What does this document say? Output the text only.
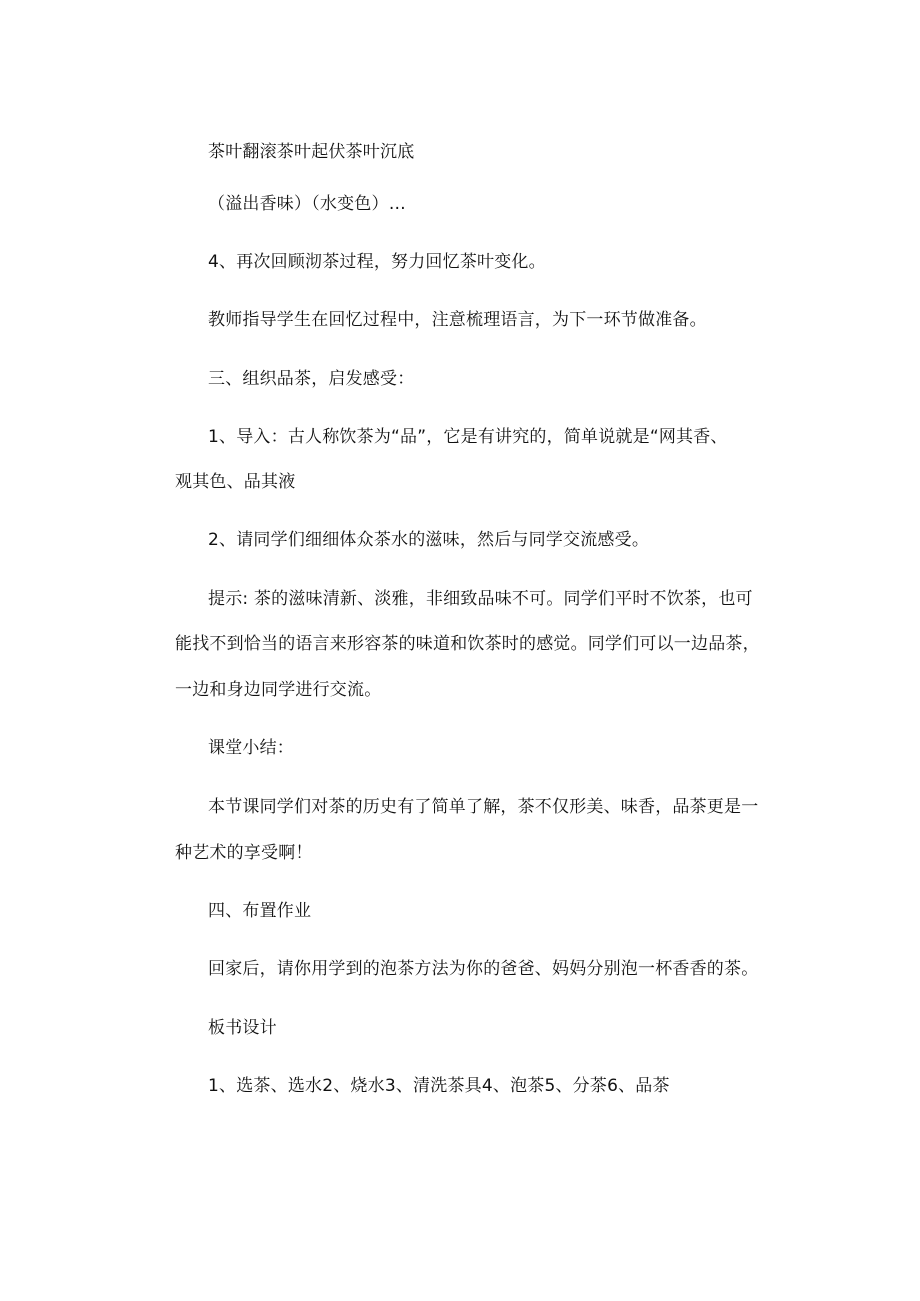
茶叶翻滚茶叶起伏茶叶沉底
（溢出香味）（水变色）…
4、再次回顾沏茶过程，努力回忆茶叶变化。
教师指导学生在回忆过程中，注意梳理语言，为下一环节做准备。
三、组织品茶，启发感受：
1、导入：古人称饮茶为“品”，它是有讲究的，简单说就是“网其香、
观其色、品其液
2、请同学们细细体众茶水的滋味，然后与同学交流感受。
提示: 茶的滋味清新、淡雅，非细致品味不可。同学们平时不饮茶，也可
能找不到恰当的语言来形容茶的味道和饮茶时的感觉。同学们可以一边品茶，
一边和身边同学进行交流。
课堂小结：
本节课同学们对茶的历史有了简单了解，茶不仅形美、味香，品茶更是一
种艺术的享受啊！
四、布置作业
回家后，请你用学到的泡茶方法为你的爸爸、妈妈分别泡一杯香香的茶。
板书设计
1、选茶、选水2、烧水3、清洗茶具4、泡茶5、分茶6、品茶
